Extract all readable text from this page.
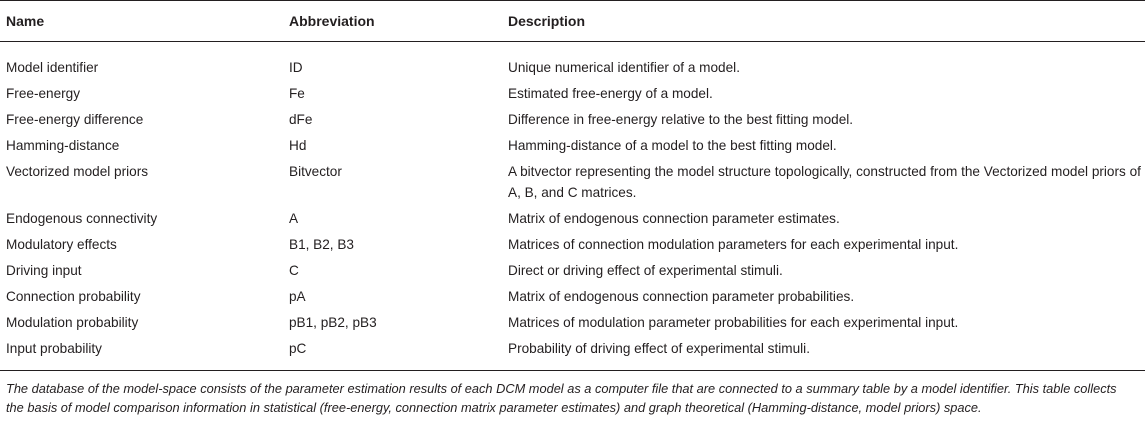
Name	Abbreviation	Description
Model identifier	ID	Unique numerical identifier of a model.
Free-energy	Fe	Estimated free-energy of a model.
Free-energy difference	dFe	Difference in free-energy relative to the best fitting model.
Hamming-distance	Hd	Hamming-distance of a model to the best fitting model.
Vectorized model priors	Bitvector	A bitvector representing the model structure topologically, constructed from the Vectorized model priors of A, B, and C matrices.
Endogenous connectivity	A	Matrix of endogenous connection parameter estimates.
Modulatory effects	B1, B2, B3	Matrices of connection modulation parameters for each experimental input.
Driving input	C	Direct or driving effect of experimental stimuli.
Connection probability	pA	Matrix of endogenous connection parameter probabilities.
Modulation probability	pB1, pB2, pB3	Matrices of modulation parameter probabilities for each experimental input.
Input probability	pC	Probability of driving effect of experimental stimuli.
The database of the model-space consists of the parameter estimation results of each DCM model as a computer file that are connected to a summary table by a model identifier. This table collects the basis of model comparison information in statistical (free-energy, connection matrix parameter estimates) and graph theoretical (Hamming-distance, model priors) space.
